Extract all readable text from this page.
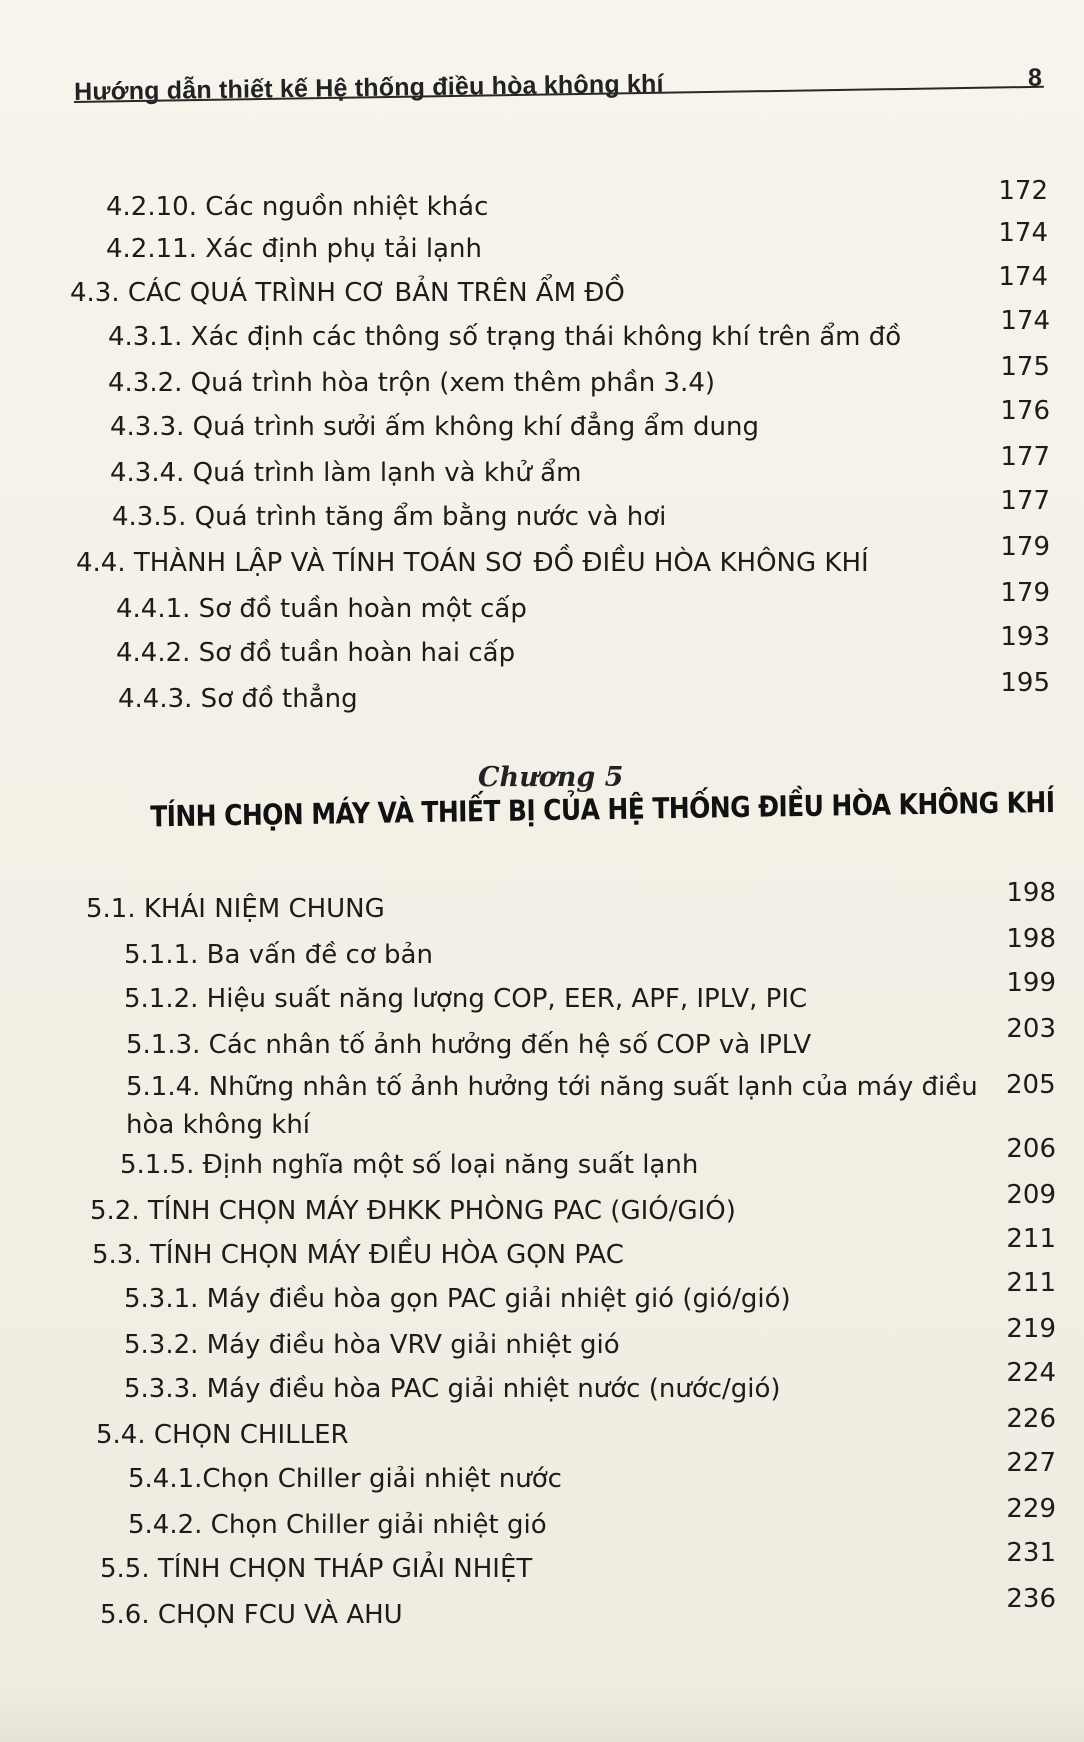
Hướng dẫn thiết kế Hệ thống điều hòa không khí	8
4.2.10. Các nguồn nhiệt khác
172
4.2.11. Xác định phụ tải lạnh
174
4.3. CÁC QUÁ TRÌNH CƠ BẢN TRÊN ẨM ĐỒ
174
4.3.1. Xác định các thông số trạng thái không khí trên ẩm đồ
174
4.3.2. Quá trình hòa trộn (xem thêm phần 3.4)
175
4.3.3. Quá trình sưởi ấm không khí đẳng ẩm dung
176
4.3.4. Quá trình làm lạnh và khử ẩm
177
4.3.5. Quá trình tăng ẩm bằng nước và hơi
177
4.4. THÀNH LẬP VÀ TÍNH TOÁN SƠ ĐỒ ĐIỀU HÒA KHÔNG KHÍ
179
4.4.1. Sơ đồ tuần hoàn một cấp
179
4.4.2. Sơ đồ tuần hoàn hai cấp
193
4.4.3. Sơ đồ thẳng
195
Chương 5
TÍNH CHỌN MÁY VÀ THIẾT BỊ CỦA HỆ THỐNG ĐIỀU HÒA KHÔNG KHÍ
5.1. KHÁI NIỆM CHUNG
198
5.1.1. Ba vấn đề cơ bản
198
5.1.2. Hiệu suất năng lượng COP, EER, APF, IPLV, PIC
199
5.1.3. Các nhân tố ảnh hưởng đến hệ số COP và IPLV
203
5.1.4. Những nhân tố ảnh hưởng tới năng suất lạnh của máy điều
hòa không khí
205
5.1.5. Định nghĩa một số loại năng suất lạnh
206
5.2. TÍNH CHỌN MÁY ĐHKK PHÒNG PAC (GIÓ/GIÓ)
209
5.3. TÍNH CHỌN MÁY ĐIỀU HÒA GỌN PAC
211
5.3.1. Máy điều hòa gọn PAC giải nhiệt gió (gió/gió)
211
5.3.2. Máy điều hòa VRV giải nhiệt gió
219
5.3.3. Máy điều hòa PAC giải nhiệt nước (nước/gió)
224
5.4. CHỌN CHILLER
226
5.4.1.Chọn Chiller giải nhiệt nước
227
5.4.2. Chọn Chiller giải nhiệt gió
229
5.5. TÍNH CHỌN THÁP GIẢI NHIỆT
231
5.6. CHỌN FCU VÀ AHU
236
